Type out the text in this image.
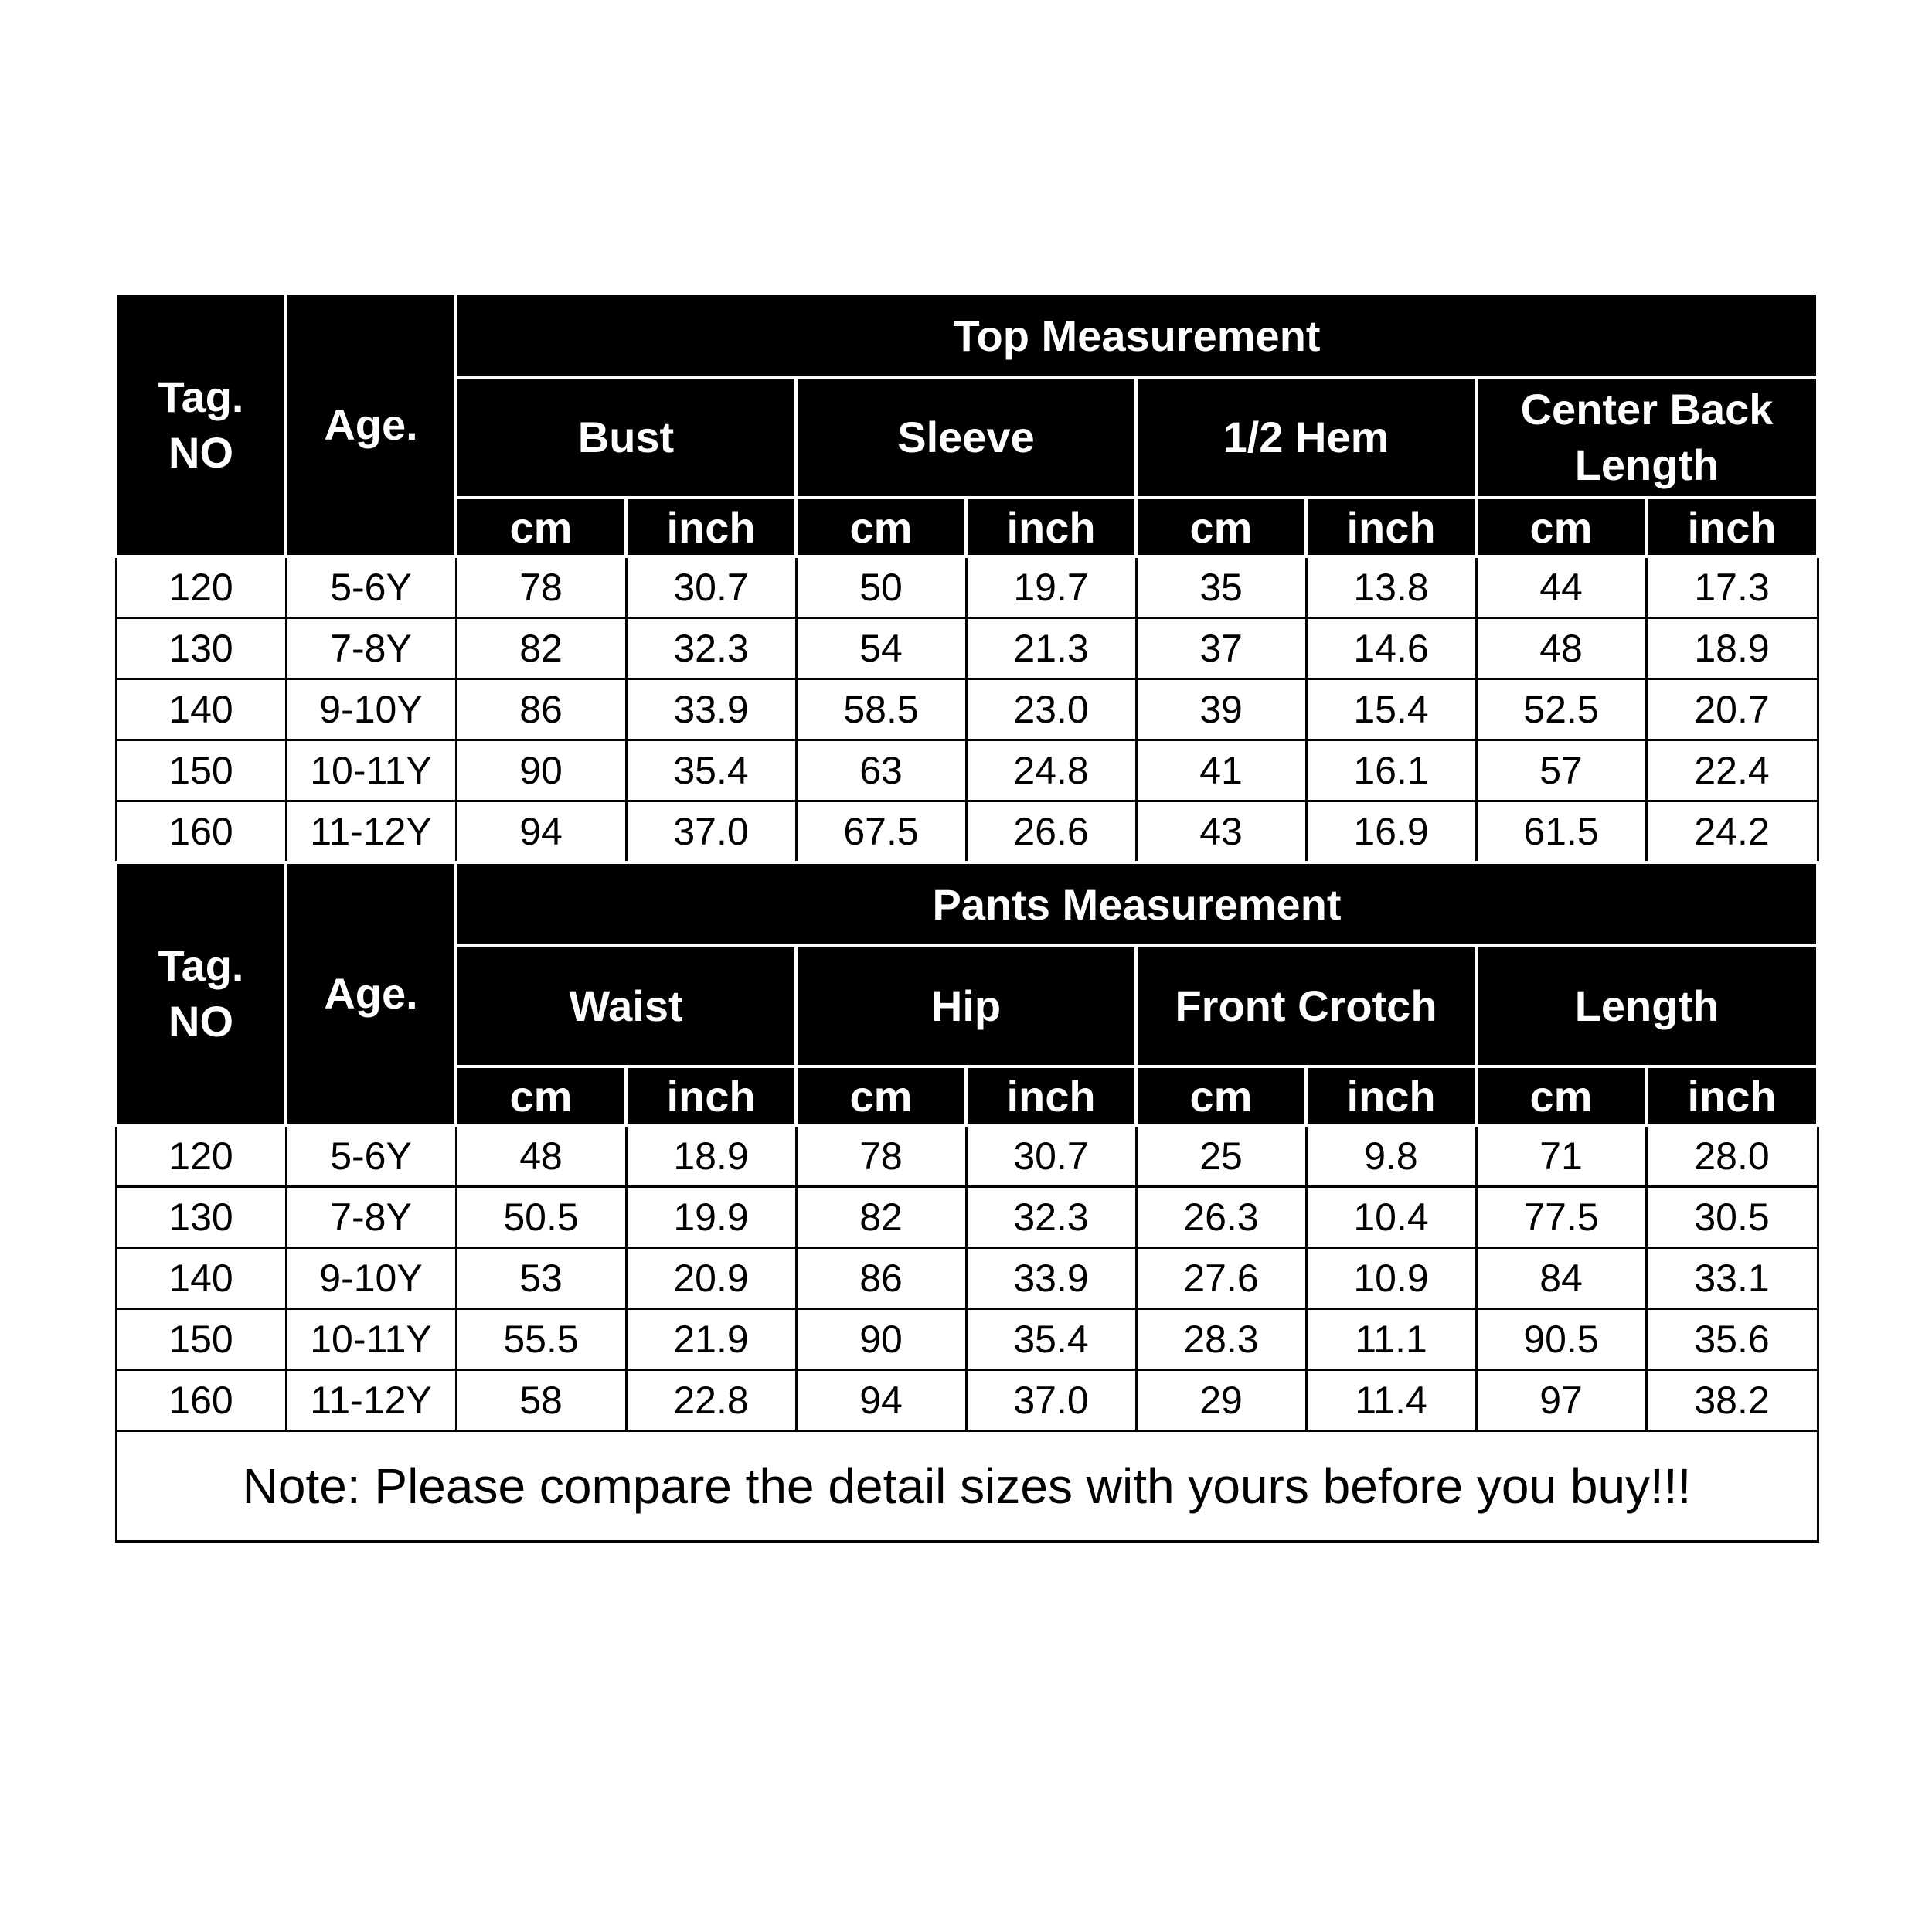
Tag.
NO	Age.	Top Measurement							
		Bust		Sleeve		1/2 Hem		Center Back
Length	
		cm	inch	cm	inch	cm	inch	cm	inch
120	5-6Y	78	30.7	50	19.7	35	13.8	44	17.3
130	7-8Y	82	32.3	54	21.3	37	14.6	48	18.9
140	9-10Y	86	33.9	58.5	23.0	39	15.4	52.5	20.7
150	10-11Y	90	35.4	63	24.8	41	16.1	57	22.4
160	11-12Y	94	37.0	67.5	26.6	43	16.9	61.5	24.2
Tag.
NO	Age.	Pants Measurement							
		Waist		Hip		Front Crotch		Length	
		cm	inch	cm	inch	cm	inch	cm	inch
120	5-6Y	48	18.9	78	30.7	25	9.8	71	28.0
130	7-8Y	50.5	19.9	82	32.3	26.3	10.4	77.5	30.5
140	9-10Y	53	20.9	86	33.9	27.6	10.9	84	33.1
150	10-11Y	55.5	21.9	90	35.4	28.3	11.1	90.5	35.6
160	11-12Y	58	22.8	94	37.0	29	11.4	97	38.2
Note: Please compare the detail sizes with yours before you buy!!!									
